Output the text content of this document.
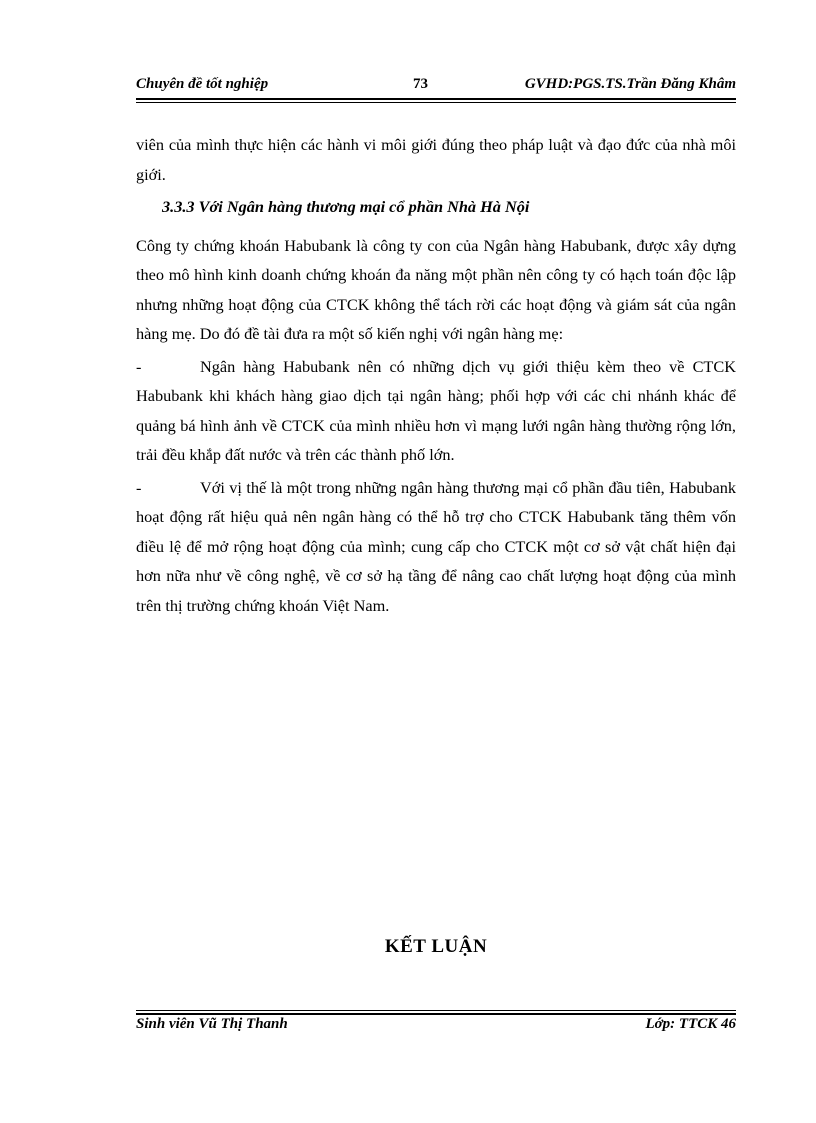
Chuyên đề tốt nghiệp	73	GVHD:PGS.TS.Trần Đăng Khâm

viên của mình thực hiện các hành vi môi giới đúng theo pháp luật và đạo đức của nhà môi giới.

3.3.3 Với Ngân hàng thương mại cổ phần Nhà Hà Nội

Công ty chứng khoán Habubank là công ty con của Ngân hàng Habubank, được xây dựng theo mô hình kinh doanh chứng khoán đa năng một phần nên công ty có hạch toán độc lập nhưng những hoạt động của CTCK không thể tách rời các hoạt động và giám sát của ngân hàng mẹ. Do đó đề tài đưa ra một số kiến nghị với ngân hàng mẹ:

-	Ngân hàng Habubank nên có những dịch vụ giới thiệu kèm theo về CTCK Habubank khi khách hàng giao dịch tại ngân hàng; phối hợp với các chi nhánh khác để quảng bá hình ảnh về CTCK của mình nhiều hơn vì mạng lưới ngân hàng thường rộng lớn, trải đều khắp đất nước và trên các thành phố lớn.

-	Với vị thế là một trong những ngân hàng thương mại cổ phần đầu tiên, Habubank hoạt động rất hiệu quả nên ngân hàng có thể hỗ trợ cho CTCK Habubank tăng thêm vốn điều lệ để mở rộng hoạt động của mình; cung cấp cho CTCK một cơ sở vật chất hiện đại hơn nữa như về công nghệ, về cơ sở hạ tầng để nâng cao chất lượng hoạt động của mình trên thị trường chứng khoán Việt Nam.

KẾT LUẬN
Sinh viên Vũ Thị Thanh	Lớp: TTCK 46
